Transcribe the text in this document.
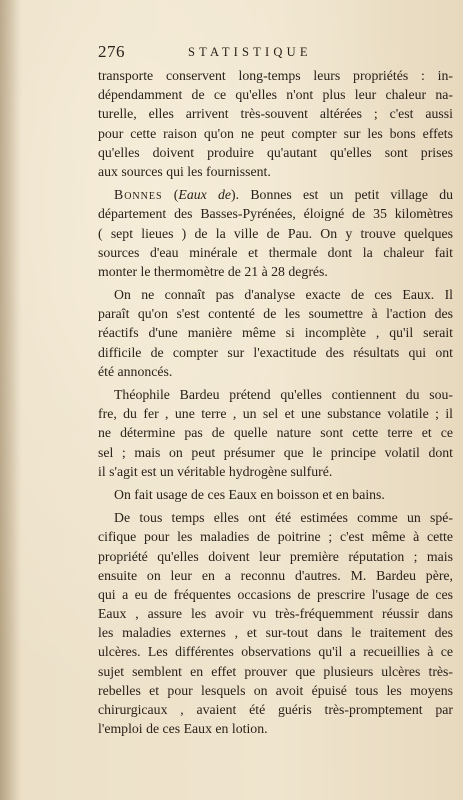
276	STATISTIQUE
transporte conservent long-temps leurs propriétés : in-
dépendamment de ce qu'elles n'ont plus leur chaleur na-
turelle, elles arrivent très-souvent altérées ; c'est aussi
pour cette raison qu'on ne peut compter sur les bons effets
qu'elles doivent produire qu'autant qu'elles sont prises
aux sources qui les fournissent.
Bonnes (Eaux de). Bonnes est un petit village du
département des Basses-Pyrénées, éloigné de 35 kilomètres
( sept lieues ) de la ville de Pau. On y trouve quelques
sources d'eau minérale et thermale dont la chaleur fait
monter le thermomètre de 21 à 28 degrés.
On ne connaît pas d'analyse exacte de ces Eaux. Il
paraît qu'on s'est contenté de les soumettre à l'action des
réactifs d'une manière même si incomplète , qu'il serait
difficile de compter sur l'exactitude des résultats qui ont
été annoncés.
Théophile Bardeu prétend qu'elles contiennent du sou-
fre, du fer , une terre , un sel et une substance volatile ; il
ne détermine pas de quelle nature sont cette terre et ce
sel ; mais on peut présumer que le principe volatil dont
il s'agit est un véritable hydrogène sulfuré.
On fait usage de ces Eaux en boisson et en bains.
De tous temps elles ont été estimées comme un spé-
cifique pour les maladies de poitrine ; c'est même à cette
propriété qu'elles doivent leur première réputation ; mais
ensuite on leur en a reconnu d'autres. M. Bardeu père,
qui a eu de fréquentes occasions de prescrire l'usage de ces
Eaux , assure les avoir vu très-fréquemment réussir dans
les maladies externes , et sur-tout dans le traitement des
ulcères. Les différentes observations qu'il a recueillies à ce
sujet semblent en effet prouver que plusieurs ulcères très-
rebelles et pour lesquels on avoit épuisé tous les moyens
chirurgicaux , avaient été guéris très-promptement par
l'emploi de ces Eaux en lotion.
